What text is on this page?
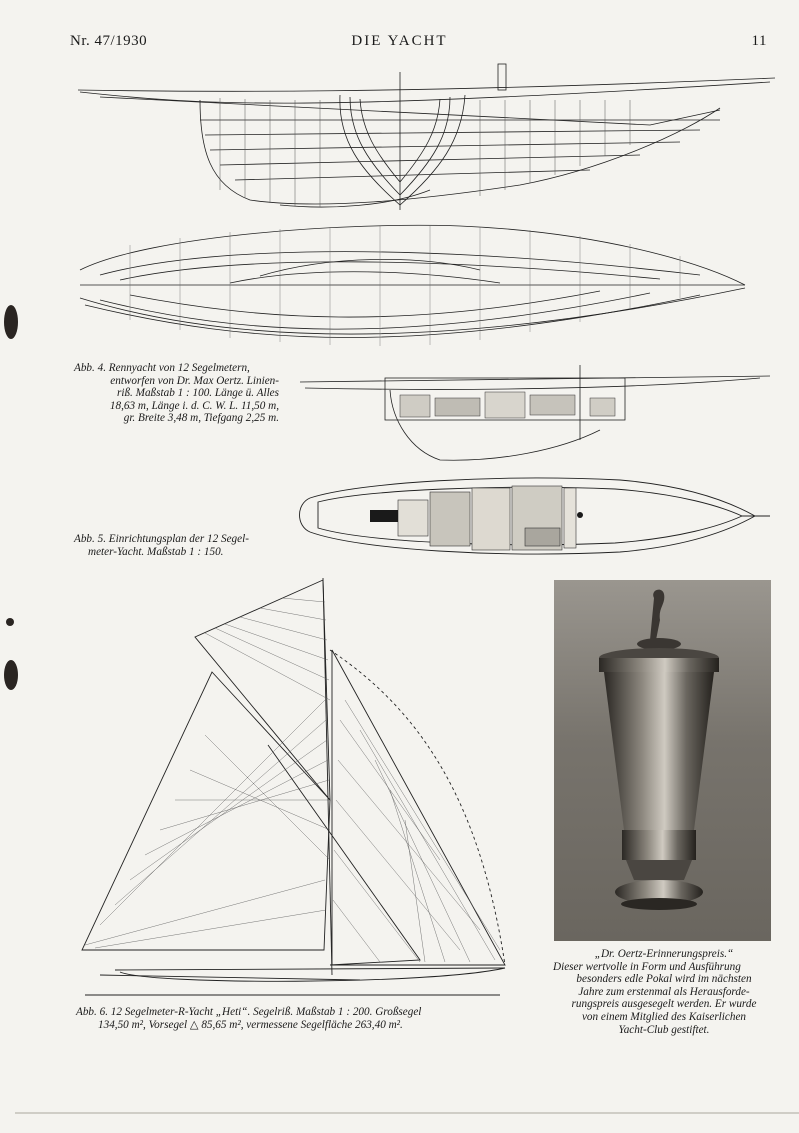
Nr. 47/1930	DIE YACHT	11
Abb. 4. Rennyacht von 12 Segelmetern,
entworfen von Dr. Max Oertz. Linien-
riß. Maßstab 1 : 100. Länge ü. Alles
18,63 m, Länge i. d. C. W. L. 11,50 m,
gr. Breite 3,48 m, Tiefgang 2,25 m.
Abb. 5. Einrichtungsplan der 12 Segel-
meter-Yacht. Maßstab 1 : 150.
Abb. 6. 12 Segelmeter-R-Yacht „Heti“. Segelriß. Maßstab 1 : 200. Großsegel
134,50 m², Vorsegel △ 85,65 m², vermessene Segelfläche 263,40 m².
„Dr. Oertz-Erinnerungspreis.“
Dieser wertvolle in Form und Ausführung
besonders edle Pokal wird im nächsten
Jahre zum erstenmal als Herausforde-
rungspreis ausgesegelt werden. Er wurde
von einem Mitglied des Kaiserlichen
Yacht-Club gestiftet.
